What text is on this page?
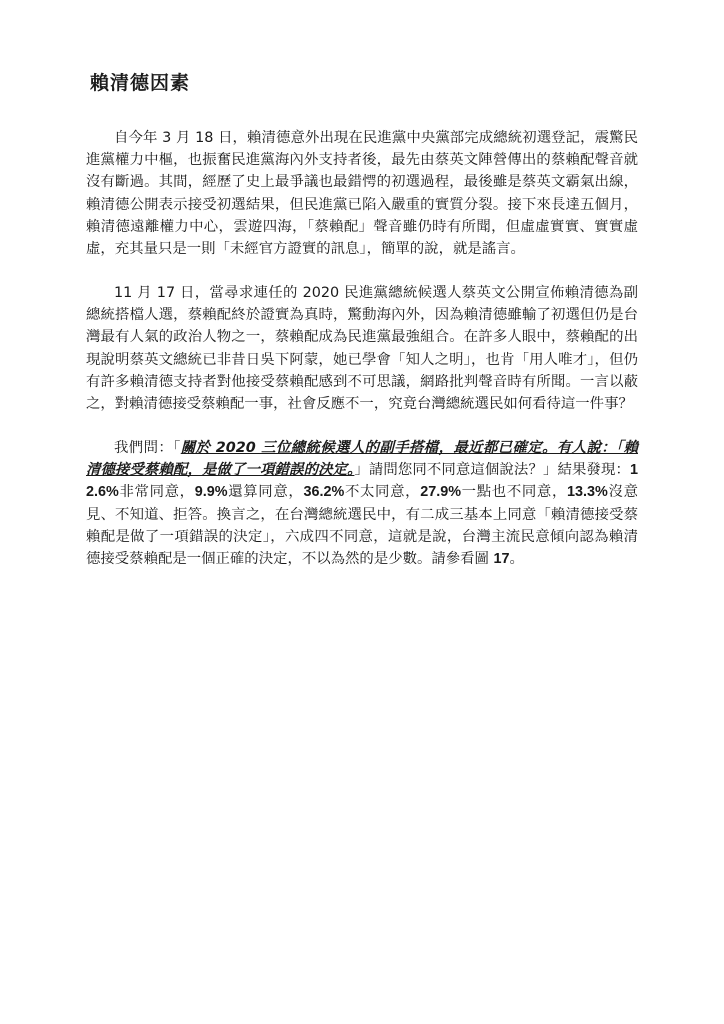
賴清德因素

自今年 3 月 18 日，賴清德意外出現在民進黨中央黨部完成總統初選登記，震驚民進黨權力中樞，也振奮民進黨海內外支持者後，最先由蔡英文陣營傳出的蔡賴配聲音就沒有斷過。其間，經歷了史上最爭議也最錯愕的初選過程，最後雖是蔡英文霸氣出線，賴清德公開表示接受初選結果，但民進黨已陷入嚴重的實質分裂。接下來長達五個月，賴清德遠離權力中心，雲遊四海，「蔡賴配」聲音雖仍時有所聞，但虛虛實實、實實虛虛，充其量只是一則「未經官方證實的訊息」，簡單的說，就是謠言。

11 月 17 日，當尋求連任的 2020 民進黨總統候選人蔡英文公開宣佈賴清德為副總統搭檔人選，蔡賴配終於證實為真時，驚動海內外，因為賴清德雖輸了初選但仍是台灣最有人氣的政治人物之一，蔡賴配成為民進黨最強組合。在許多人眼中，蔡賴配的出現說明蔡英文總統已非昔日吳下阿蒙，她已學會「知人之明」，也肯「用人唯才」，但仍有許多賴清德支持者對他接受蔡賴配感到不可思議，網路批判聲音時有所聞。一言以蔽之，對賴清德接受蔡賴配一事，社會反應不一，究竟台灣總統選民如何看待這一件事？

我們問：「關於 2020 三位總統候選人的副手搭檔，最近都已確定。有人說：「賴清德接受蔡賴配，是做了一項錯誤的決定。」請問您同不同意這個說法？」結果發現：12.6%非常同意，9.9%還算同意，36.2%不太同意，27.9%一點也不同意，13.3%沒意見、不知道、拒答。換言之，在台灣總統選民中，有二成三基本上同意「賴清德接受蔡賴配是做了一項錯誤的決定」，六成四不同意，這就是說，台灣主流民意傾向認為賴清德接受蔡賴配是一個正確的決定，不以為然的是少數。請參看圖 17。
